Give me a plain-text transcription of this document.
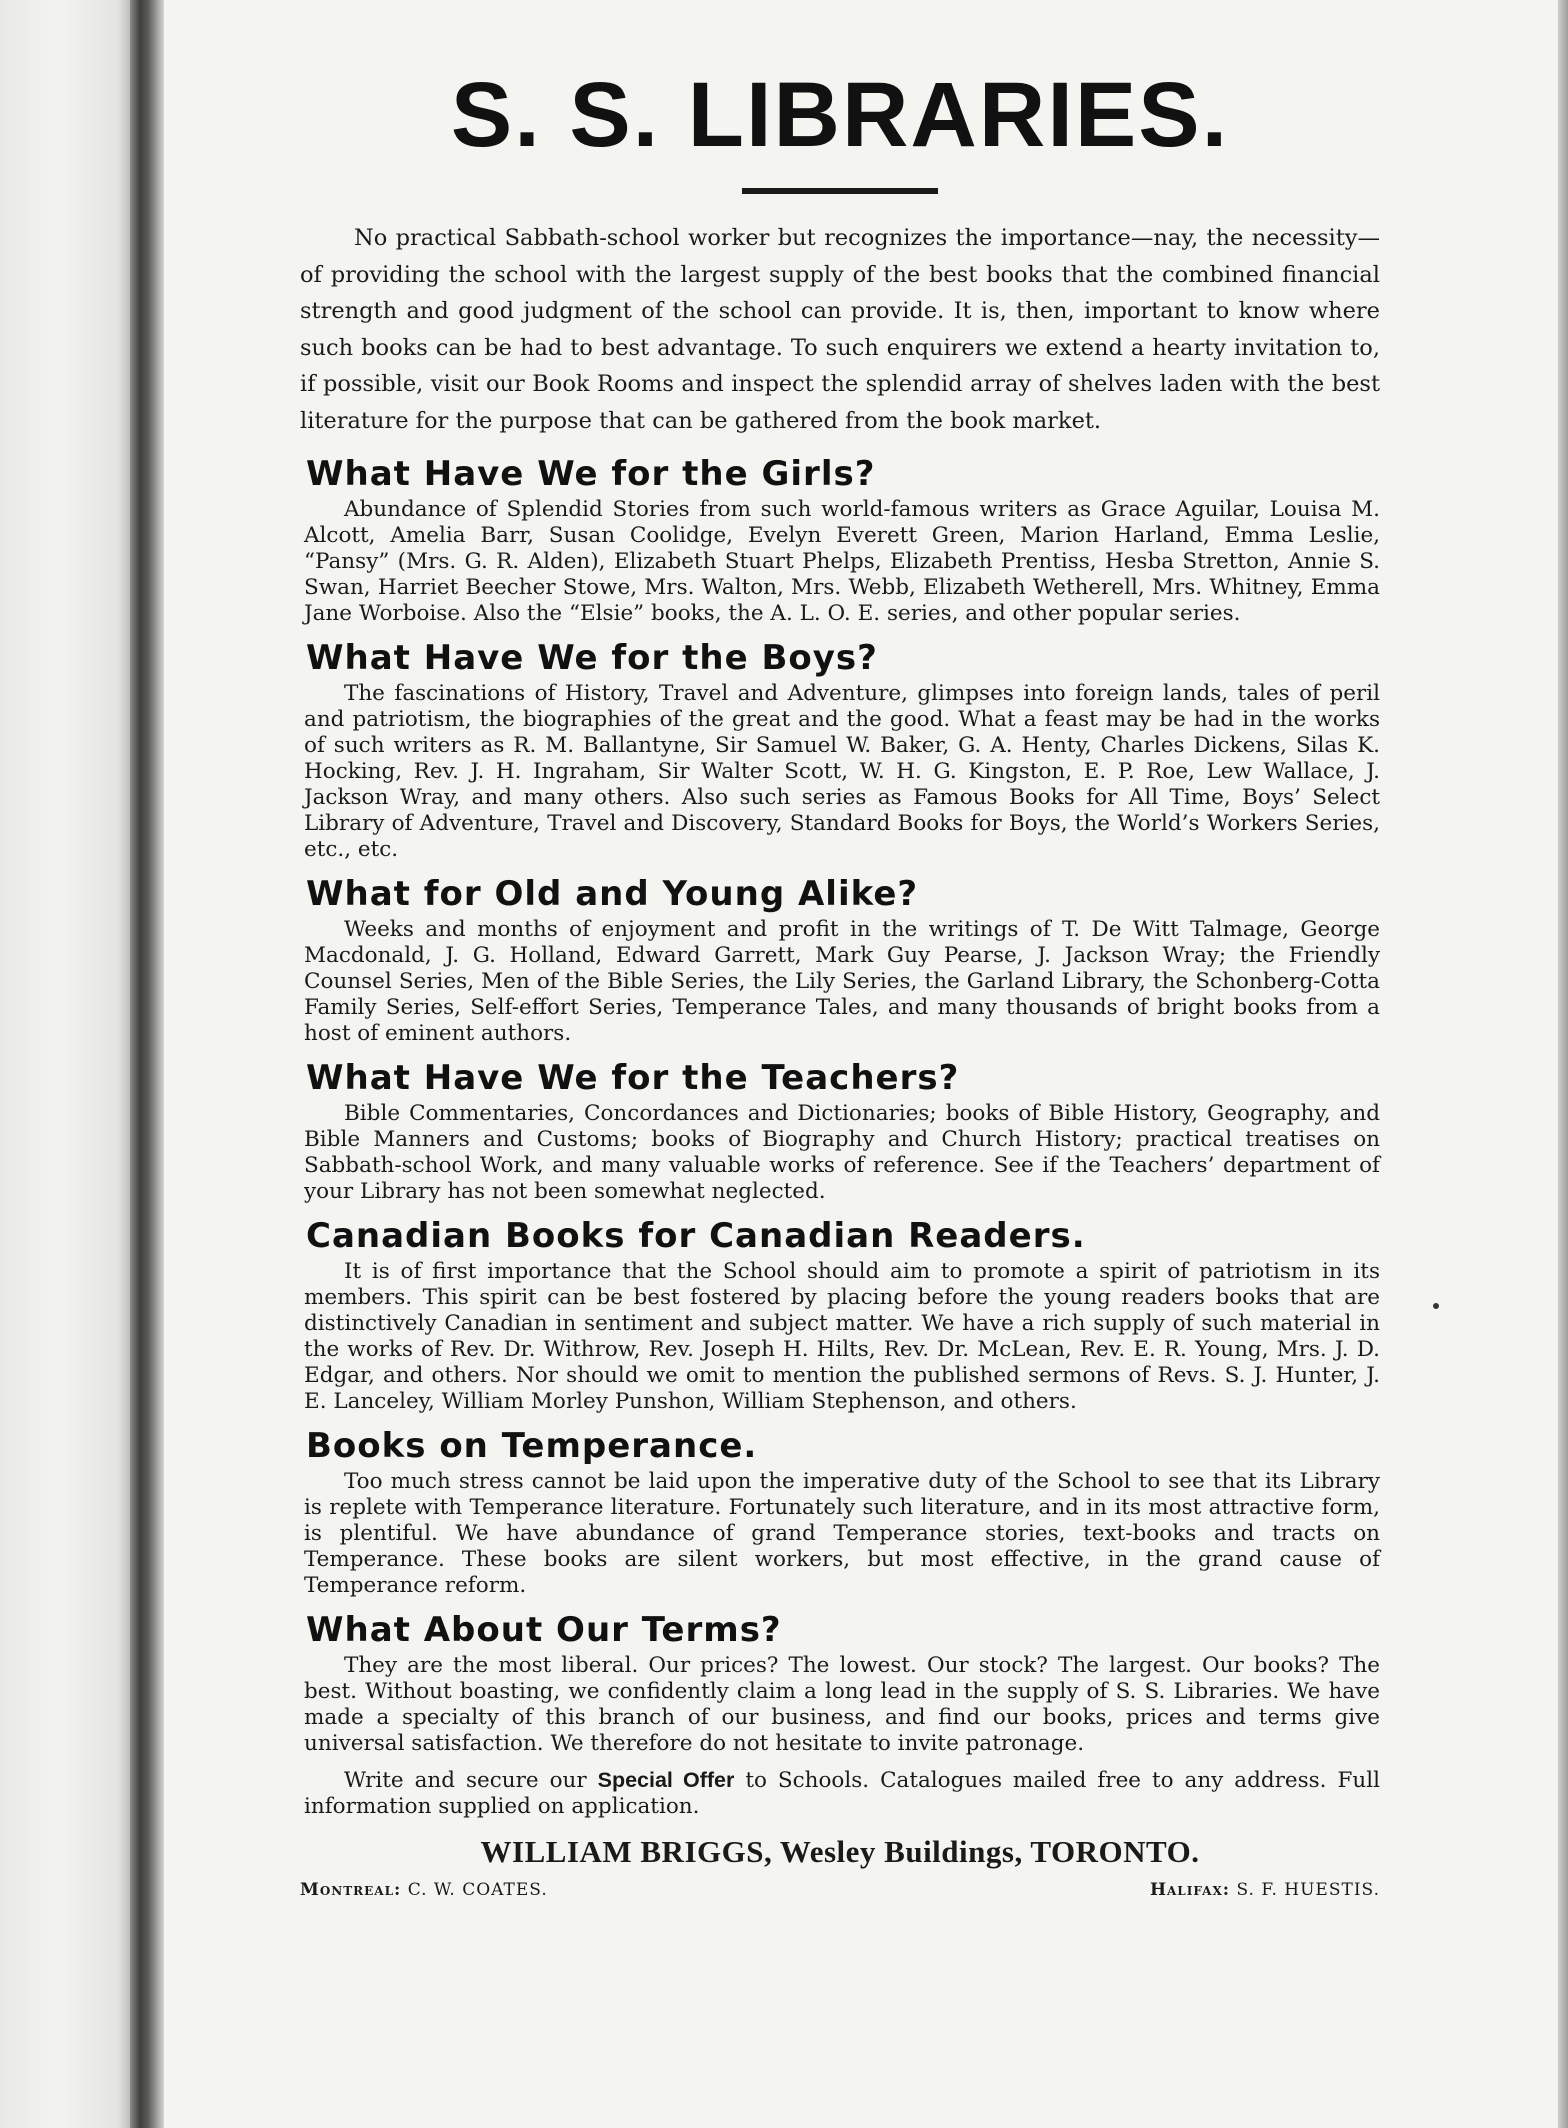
S. S. LIBRARIES.

No practical Sabbath-school worker but recognizes the importance—nay, the necessity—of providing the school with the largest supply of the best books that the combined financial strength and good judgment of the school can provide. It is, then, important to know where such books can be had to best advantage. To such enquirers we extend a hearty invitation to, if possible, visit our Book Rooms and inspect the splendid array of shelves laden with the best literature for the purpose that can be gathered from the book market.

What Have We for the Girls?

Abundance of Splendid Stories from such world-famous writers as Grace Aguilar, Louisa M. Alcott, Amelia Barr, Susan Coolidge, Evelyn Everett Green, Marion Harland, Emma Leslie, “Pansy” (Mrs. G. R. Alden), Elizabeth Stuart Phelps, Elizabeth Prentiss, Hesba Stretton, Annie S. Swan, Harriet Beecher Stowe, Mrs. Walton, Mrs. Webb, Elizabeth Wetherell, Mrs. Whitney, Emma Jane Worboise. Also the “Elsie” books, the A. L. O. E. series, and other popular series.

What Have We for the Boys?

The fascinations of History, Travel and Adventure, glimpses into foreign lands, tales of peril and patriotism, the biographies of the great and the good. What a feast may be had in the works of such writers as R. M. Ballantyne, Sir Samuel W. Baker, G. A. Henty, Charles Dickens, Silas K. Hocking, Rev. J. H. Ingraham, Sir Walter Scott, W. H. G. Kingston, E. P. Roe, Lew Wallace, J. Jackson Wray, and many others. Also such series as Famous Books for All Time, Boys’ Select Library of Adventure, Travel and Discovery, Standard Books for Boys, the World’s Workers Series, etc., etc.

What for Old and Young Alike?

Weeks and months of enjoyment and profit in the writings of T. De Witt Talmage, George Macdonald, J. G. Holland, Edward Garrett, Mark Guy Pearse, J. Jackson Wray; the Friendly Counsel Series, Men of the Bible Series, the Lily Series, the Garland Library, the Schonberg-Cotta Family Series, Self-effort Series, Temperance Tales, and many thousands of bright books from a host of eminent authors.

What Have We for the Teachers?

Bible Commentaries, Concordances and Dictionaries; books of Bible History, Geography, and Bible Manners and Customs; books of Biography and Church History; practical treatises on Sabbath-school Work, and many valuable works of reference. See if the Teachers’ department of your Library has not been somewhat neglected.

Canadian Books for Canadian Readers.

It is of first importance that the School should aim to promote a spirit of patriotism in its members. This spirit can be best fostered by placing before the young readers books that are distinctively Canadian in sentiment and subject matter. We have a rich supply of such material in the works of Rev. Dr. Withrow, Rev. Joseph H. Hilts, Rev. Dr. McLean, Rev. E. R. Young, Mrs. J. D. Edgar, and others. Nor should we omit to mention the published sermons of Revs. S. J. Hunter, J. E. Lanceley, William Morley Punshon, William Stephenson, and others.

Books on Temperance.

Too much stress cannot be laid upon the imperative duty of the School to see that its Library is replete with Temperance literature. Fortunately such literature, and in its most attractive form, is plentiful. We have abundance of grand Temperance stories, text-books and tracts on Temperance. These books are silent workers, but most effective, in the grand cause of Temperance reform.

What About Our Terms?

They are the most liberal. Our prices? The lowest. Our stock? The largest. Our books? The best. Without boasting, we confidently claim a long lead in the supply of S. S. Libraries. We have made a specialty of this branch of our business, and find our books, prices and terms give universal satisfaction. We therefore do not hesitate to invite patronage.

Write and secure our Special Offer to Schools. Catalogues mailed free to any address. Full information supplied on application.

WILLIAM BRIGGS, Wesley Buildings, TORONTO.
Montreal: C. W. COATES.	Halifax: S. F. HUESTIS.
